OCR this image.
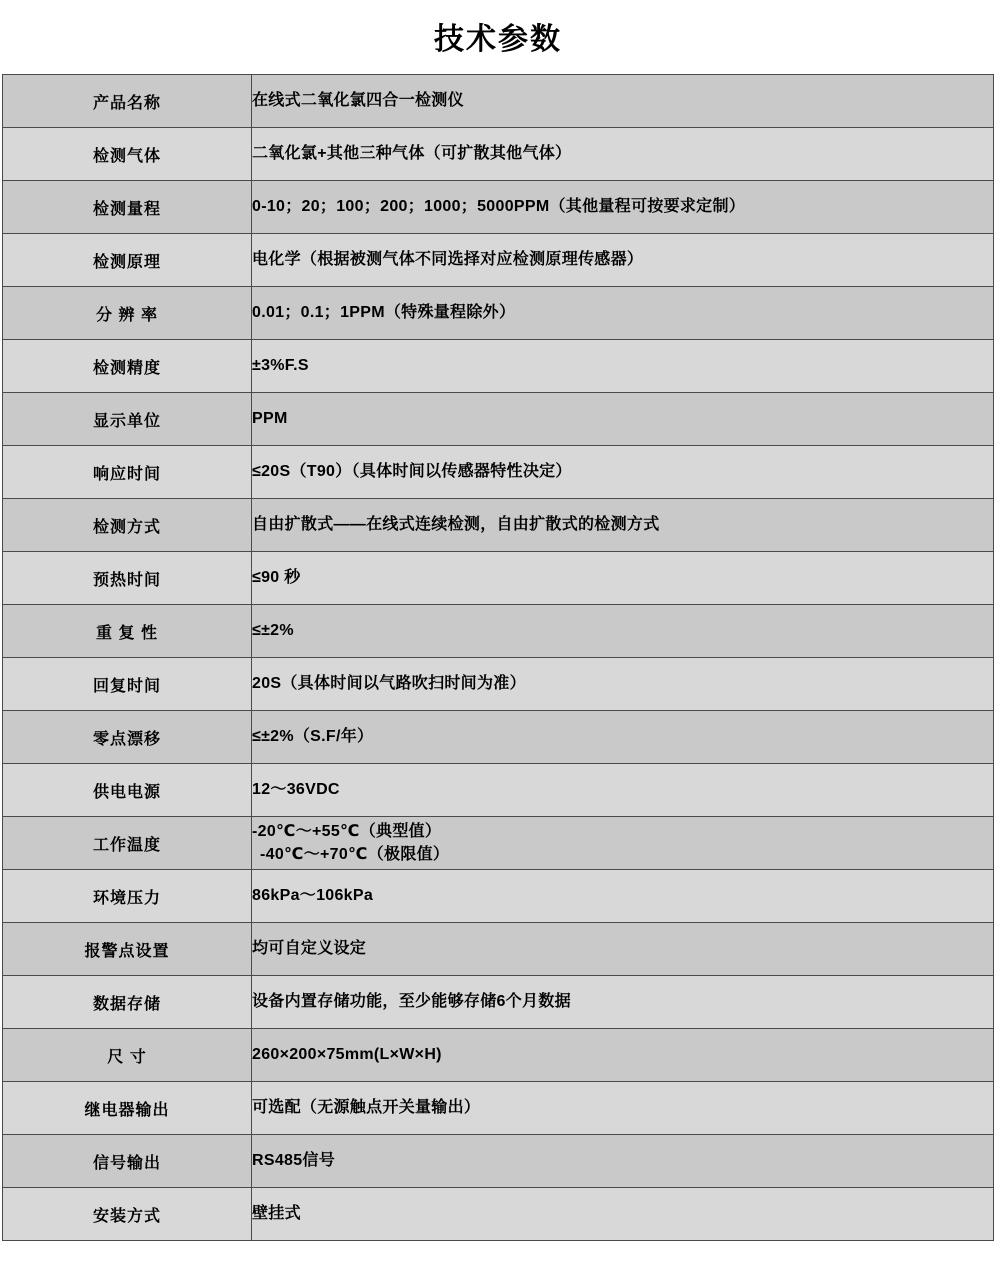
技术参数
产品名称	在线式二氧化氯四合一检测仪

检测气体	二氧化氯+其他三种气体（可扩散其他气体）

检测量程	0-10；20；100；200；1000；5000PPM（其他量程可按要求定制）

检测原理	电化学（根据被测气体不同选择对应检测原理传感器）

分 辨 率	0.01；0.1；1PPM（特殊量程除外）

检测精度	±3%F.S

显示单位	PPM

响应时间	≤20S（T90）（具体时间以传感器特性决定）

检测方式	自由扩散式——在线式连续检测，自由扩散式的检测方式

预热时间	≤90 秒

重 复 性	≤±2%

回复时间	20S（具体时间以气路吹扫时间为准）

零点漂移	≤±2%（S.F/年）

供电电源	12～36VDC

工作温度	-20℃～+55℃（典型值）
-40℃～+70℃（极限值）

环境压力	86kPa～106kPa

报警点设置	均可自定义设定

数据存储	设备内置存储功能，至少能够存储6个月数据

尺 寸	260×200×75mm(L×W×H)

继电器输出	可选配（无源触点开关量输出）

信号输出	RS485信号

安装方式	壁挂式
